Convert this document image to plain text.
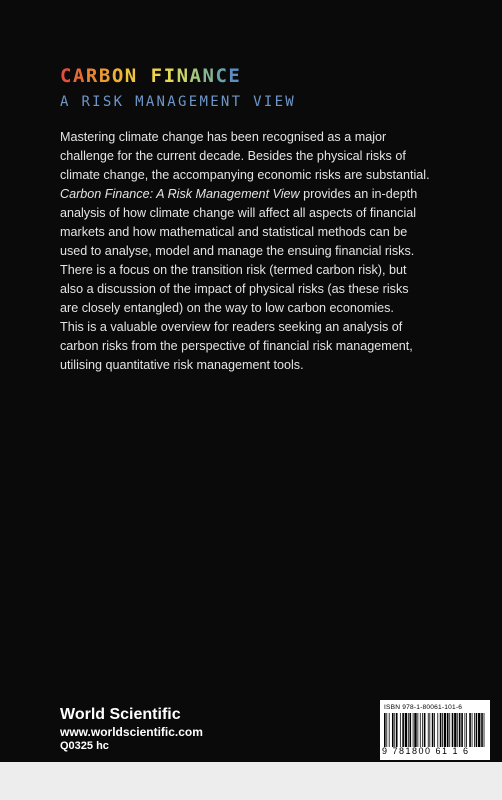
CARBON FINANCE
A RISK MANAGEMENT VIEW

Mastering climate change has been recognised as a major

challenge for the current decade. Besides the physical risks of

climate change, the accompanying economic risks are substantial.

Carbon Finance: A Risk Management View provides an in-depth

analysis of how climate change will affect all aspects of financial

markets and how mathematical and statistical methods can be

used to analyse, model and manage the ensuing financial risks.

There is a focus on the transition risk (termed carbon risk), but

also a discussion of the impact of physical risks (as these risks

are closely entangled) on the way to low carbon economies.

This is a valuable overview for readers seeking an analysis of

carbon risks from the perspective of financial risk management,

utilising quantitative risk management tools.

World Scientific
www.worldscientific.com
Q0325 hc
ISBN 978-1-80061-101-6
9 781800 61 1 6
